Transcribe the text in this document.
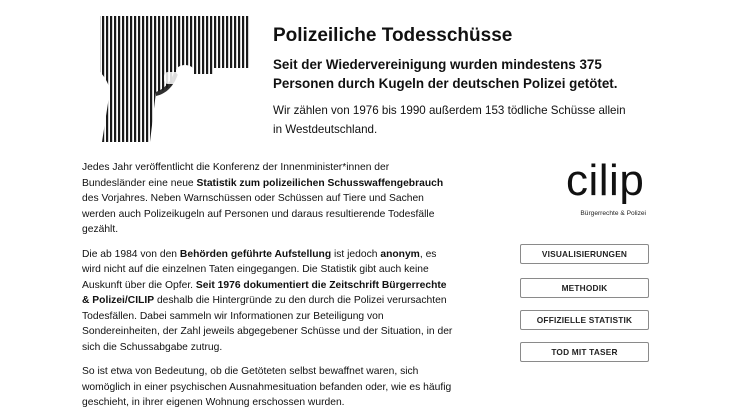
Polizeiliche Todesschüsse

Seit der Wiedervereinigung wurden mindestens 375 Personen durch Kugeln der deutschen Polizei getötet.

Wir zählen von 1976 bis 1990 außerdem 153 tödliche Schüsse allein in Westdeutschland.

Jedes Jahr veröffentlicht die Konferenz der Innenminister*innen der Bundesländer eine neue Statistik zum polizeilichen Schusswaffengebrauch des Vorjahres. Neben Warnschüssen oder Schüssen auf Tiere und Sachen werden auch Polizeikugeln auf Personen und daraus resultierende Todesfälle gezählt.

Die ab 1984 von den Behörden geführte Aufstellung ist jedoch anonym, es wird nicht auf die einzelnen Taten eingegangen. Die Statistik gibt auch keine Auskunft über die Opfer. Seit 1976 dokumentiert die Zeitschrift Bürgerrechte & Polizei/CILIP deshalb die Hintergründe zu den durch die Polizei verursachten Todesfällen. Dabei sammeln wir Informationen zur Beteiligung von Sondereinheiten, der Zahl jeweils abgegebener Schüsse und der Situation, in der sich die Schussabgabe zutrug.

So ist etwa von Bedeutung, ob die Getöteten selbst bewaffnet waren, sich womöglich in einer psychischen Ausnahmesituation befanden oder, wie es häufig geschieht, in ihrer eigenen Wohnung erschossen wurden.

cilip
Bürgerrechte & Polizei
VISUALISIERUNGEN
METHODIK
OFFIZIELLE STATISTIK
TOD MIT TASER
